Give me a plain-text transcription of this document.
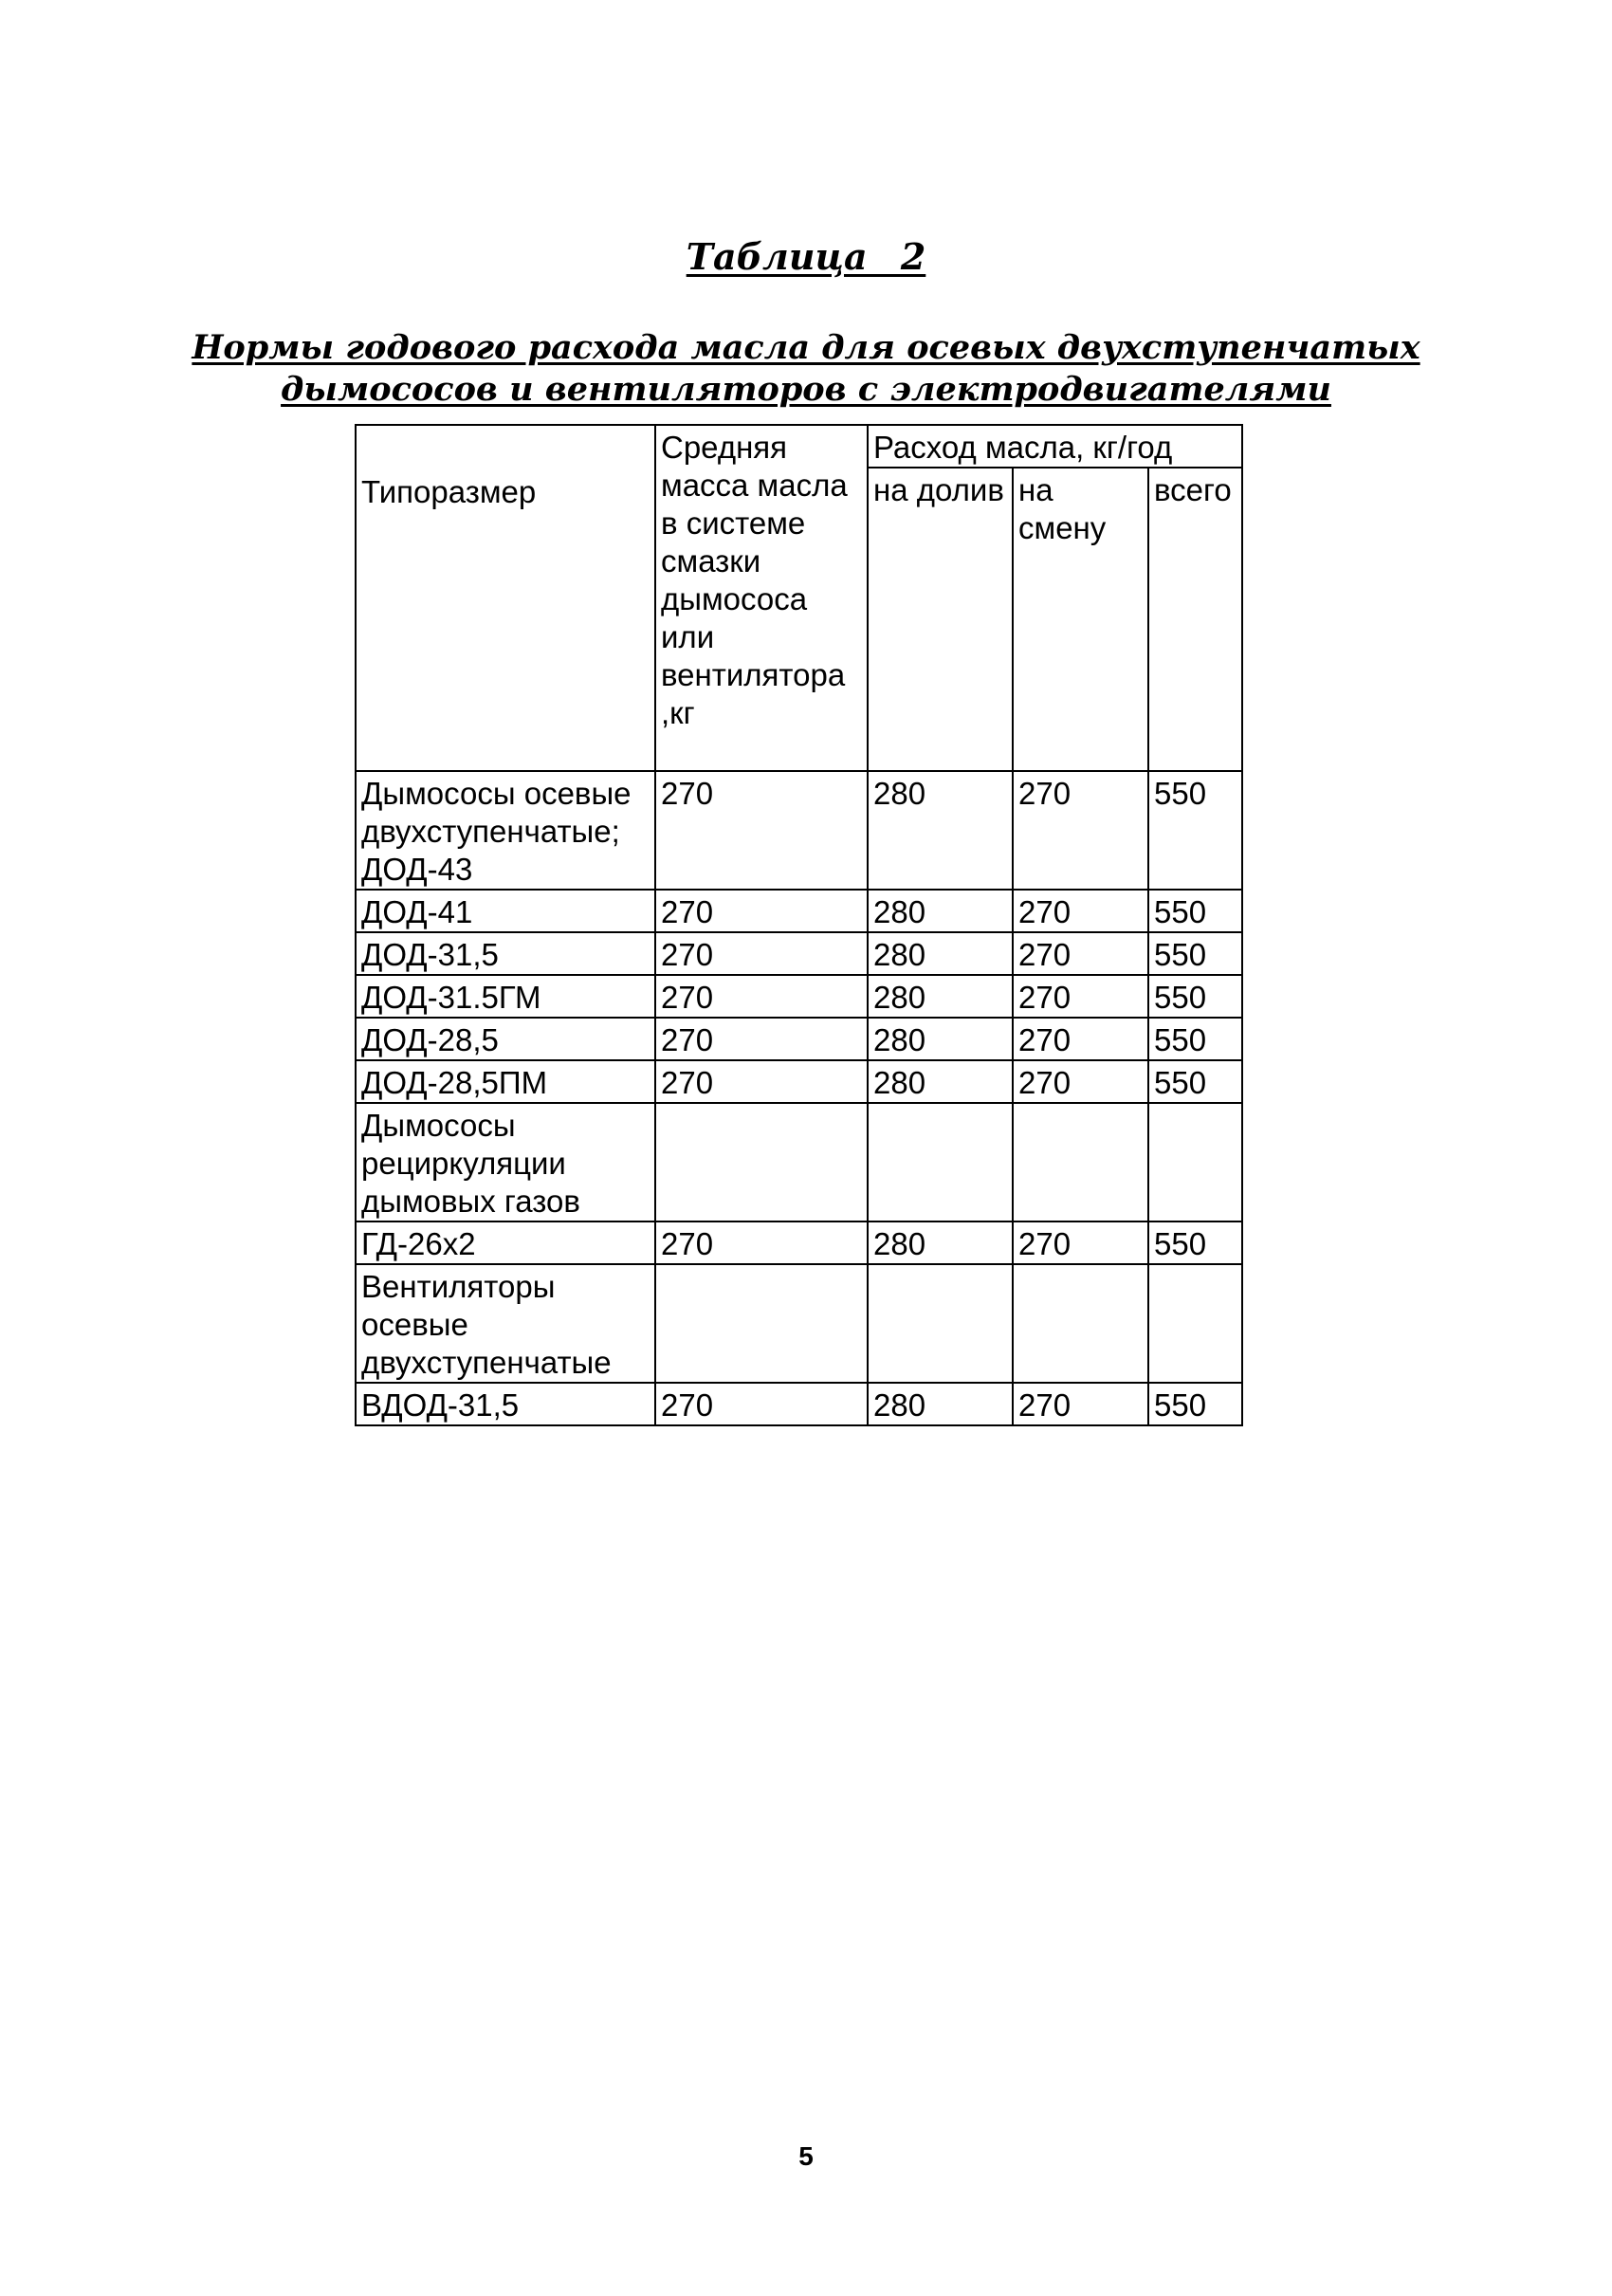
Таблица 2
Нормы годового расхода масла для осевых двухступенчатых
дымососов и вентиляторов с электродвигателями
Типоразмер	Средняя масса масла в системе смазки дымососа или вентилятора ,кг	Расход масла, кг/год		
		на долив	на смену	всего
Дымососы осевые двухступенчатые; ДОД-43	270	280	270	550
ДОД-41	270	280	270	550
ДОД-31,5	270	280	270	550
ДОД-31.5ГМ	270	280	270	550
ДОД-28,5	270	280	270	550
ДОД-28,5ПМ	270	280	270	550
Дымососы рециркуляции дымовых газов				
ГД-26х2	270	280	270	550
Вентиляторы осевые двухступенчатые				
ВДОД-31,5	270	280	270	550
5
